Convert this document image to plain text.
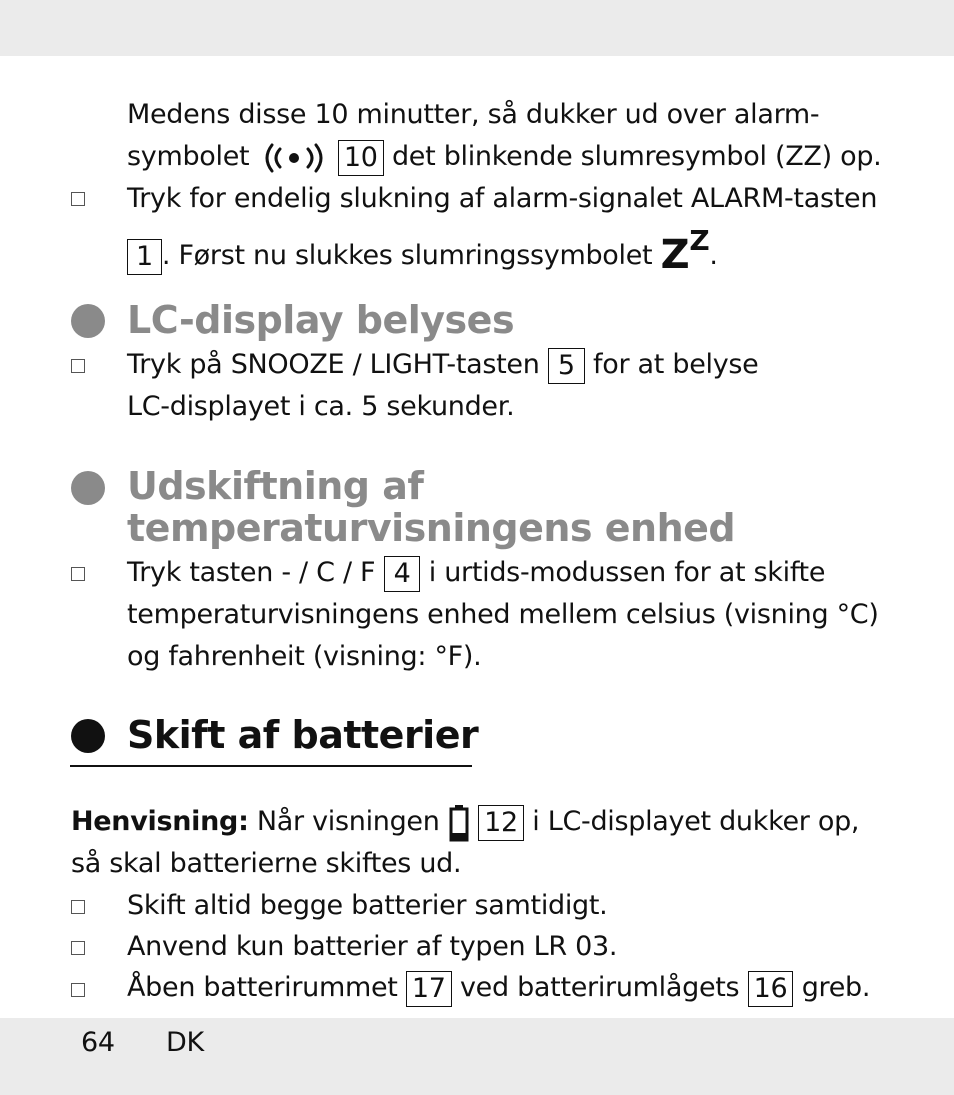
Medens disse 10 minutter, så dukker ud over alarm-
symbolet	10 det blinkende slumresymbol (ZZ) op.
Tryk for endelig slukning af alarm-signalet ALARM-tasten
1 . Først nu slukkes slumringssymbolet ZZ.
LC-display belyses
Tryk på SNOOZE / LIGHT-tasten 5 for at belyse
LC-displayet i ca. 5 sekunder.
Udskiftning af
temperaturvisningens enhed
Tryk tasten - / C / F 4 i urtids-modussen for at skifte
temperaturvisningens enhed mellem celsius (visning °C)
og fahrenheit (visning: °F).
Skift af batterier
Henvisning: Når visningen 12 i LC-displayet dukker op,
så skal batterierne skiftes ud.
Skift altid begge batterier samtidigt.
Anvend kun batterier af typen LR 03.
Åben batterirummet 17 ved batterirumlågets 16 greb.
64 DK
